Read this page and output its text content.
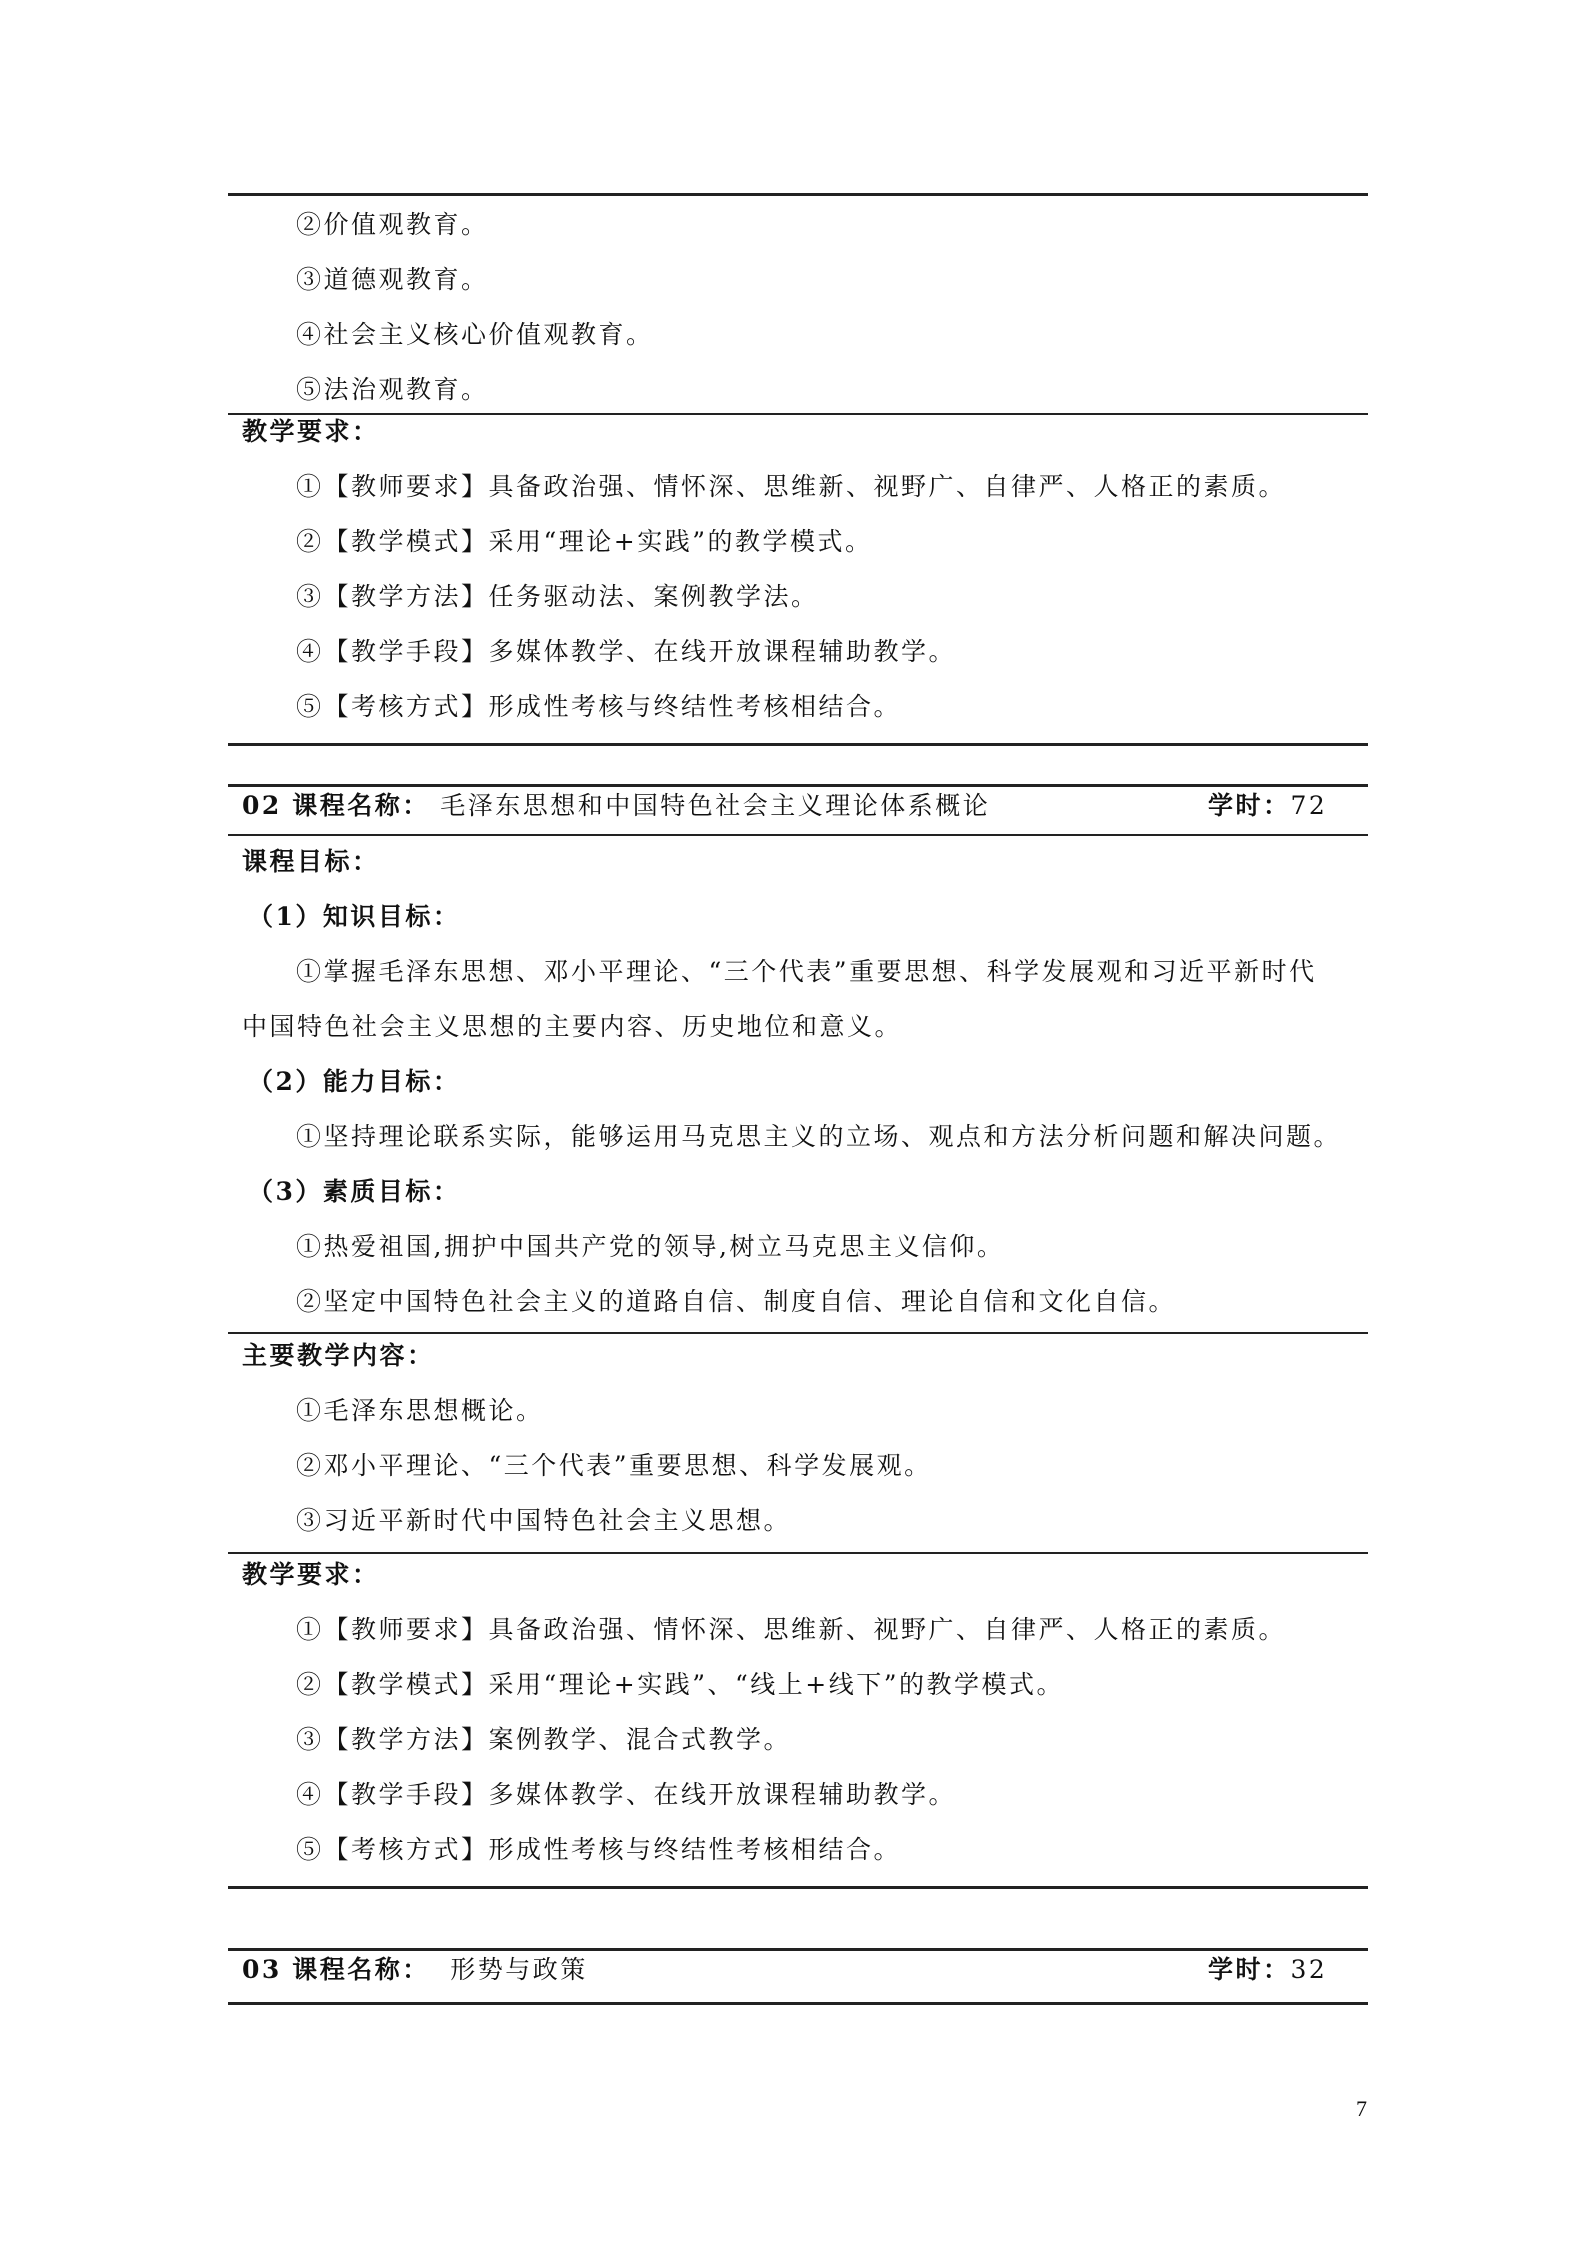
②价值观教育。
③道德观教育。
④社会主义核心价值观教育。
⑤法治观教育。
教学要求：
①【教师要求】具备政治强、情怀深、思维新、视野广、自律严、人格正的素质。
②【教学模式】采用“理论+实践”的教学模式。
③【教学方法】任务驱动法、案例教学法。
④【教学手段】多媒体教学、在线开放课程辅助教学。
⑤【考核方式】形成性考核与终结性考核相结合。
02 课程名称： 毛泽东思想和中国特色社会主义理论体系概论	学时：72
课程目标：
（1）知识目标：
①掌握毛泽东思想、邓小平理论、“三个代表”重要思想、科学发展观和习近平新时代
中国特色社会主义思想的主要内容、历史地位和意义。
（2）能力目标：
①坚持理论联系实际，能够运用马克思主义的立场、观点和方法分析问题和解决问题。
（3）素质目标：
①热爱祖国,拥护中国共产党的领导,树立马克思主义信仰。
②坚定中国特色社会主义的道路自信、制度自信、理论自信和文化自信。
主要教学内容：
①毛泽东思想概论。
②邓小平理论、“三个代表”重要思想、科学发展观。
③习近平新时代中国特色社会主义思想。
教学要求：
①【教师要求】具备政治强、情怀深、思维新、视野广、自律严、人格正的素质。
②【教学模式】采用“理论+实践”、“线上+线下”的教学模式。
③【教学方法】案例教学、混合式教学。
④【教学手段】多媒体教学、在线开放课程辅助教学。
⑤【考核方式】形成性考核与终结性考核相结合。
03 课程名称： 形势与政策	学时：32
7
